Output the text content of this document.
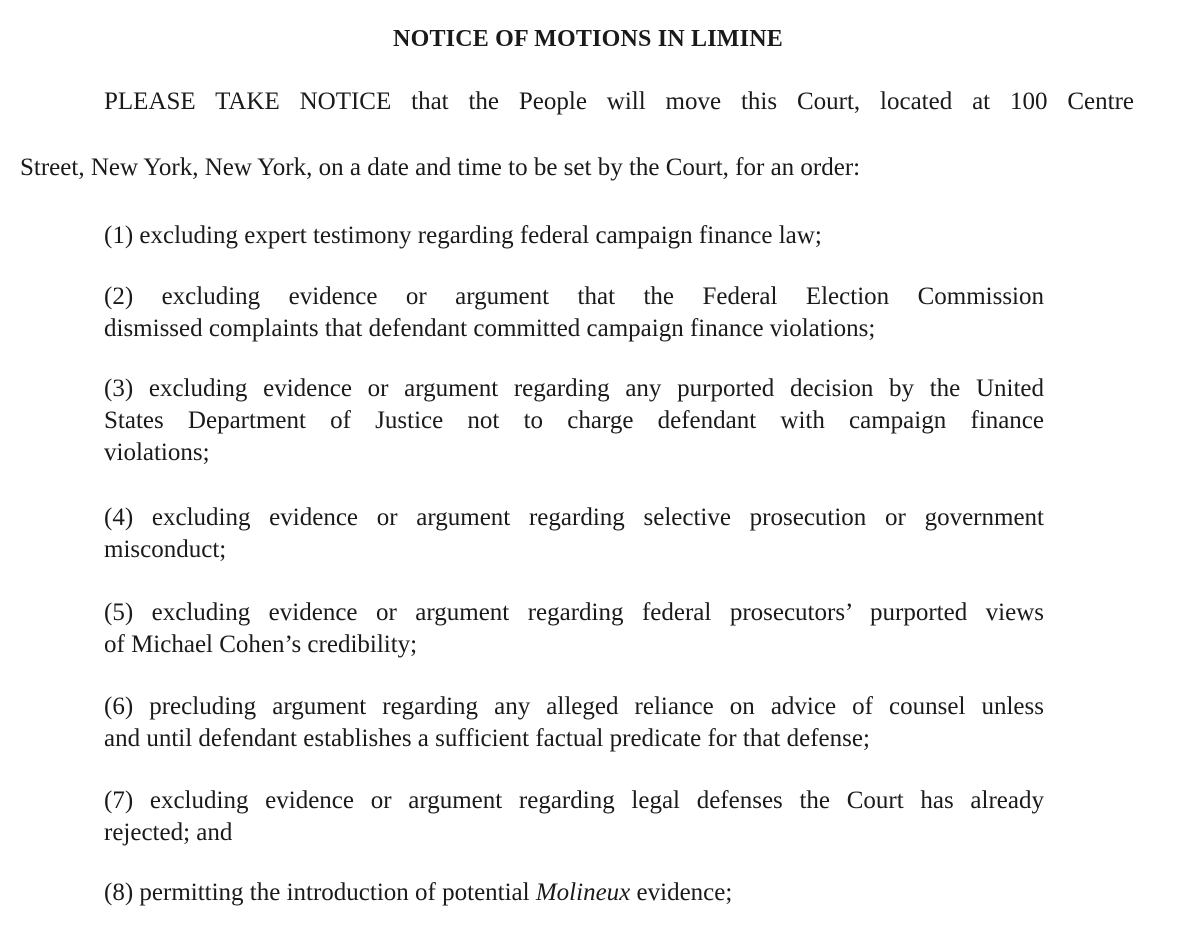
NOTICE OF MOTIONS IN LIMINE
PLEASE TAKE NOTICE that the People will move this Court, located at 100 Centre
Street, New York, New York, on a date and time to be set by the Court, for an order:
(1) excluding expert testimony regarding federal campaign finance law;
(2) excluding evidence or argument that the Federal Election Commission
dismissed complaints that defendant committed campaign finance violations;
(3) excluding evidence or argument regarding any purported decision by the United
States Department of Justice not to charge defendant with campaign finance
violations;
(4) excluding evidence or argument regarding selective prosecution or government
misconduct;
(5) excluding evidence or argument regarding federal prosecutors’ purported views
of Michael Cohen’s credibility;
(6) precluding argument regarding any alleged reliance on advice of counsel unless
and until defendant establishes a sufficient factual predicate for that defense;
(7) excluding evidence or argument regarding legal defenses the Court has already
rejected; and
(8) permitting the introduction of potential Molineux evidence;
